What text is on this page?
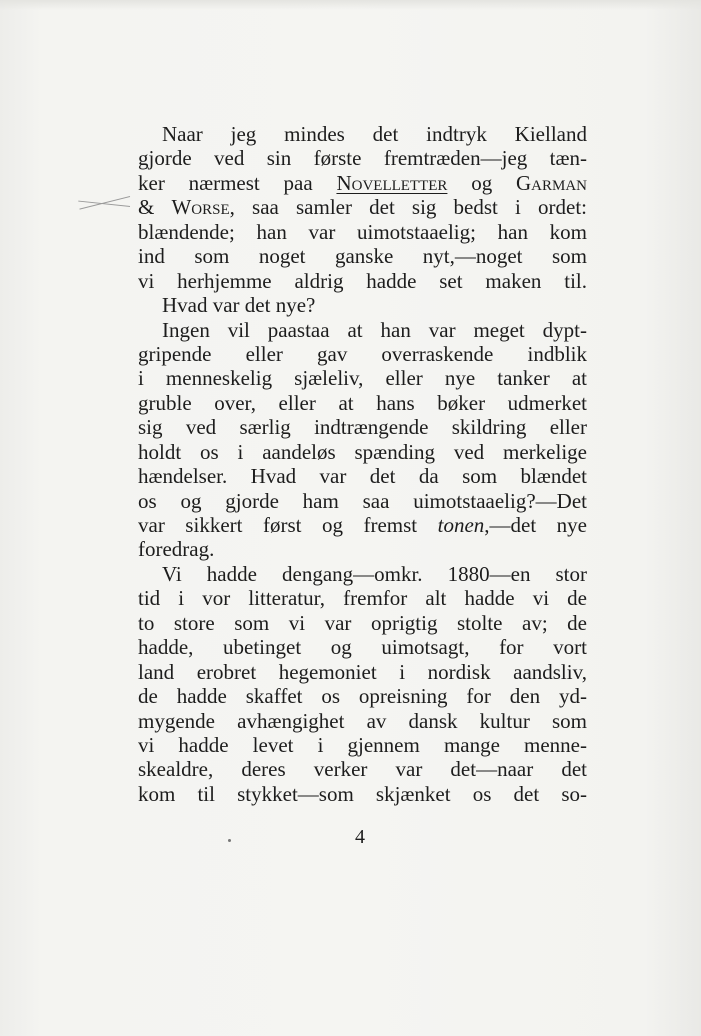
Naar jeg mindes det indtryk Kielland
gjorde ved sin første fremtræden—jeg tæn-
ker nærmest paa Novelletter og Garman
& Worse, saa samler det sig bedst i ordet:
blændende; han var uimotstaaelig; han kom
ind som noget ganske nyt,—noget som
vi herhjemme aldrig hadde set maken til.
Hvad var det nye?
Ingen vil paastaa at han var meget dypt-
gripende eller gav overraskende indblik
i menneskelig sjæleliv, eller nye tanker at
gruble over, eller at hans bøker udmerket
sig ved særlig indtrængende skildring eller
holdt os i aandeløs spænding ved merkelige
hændelser. Hvad var det da som blændet
os og gjorde ham saa uimotstaaelig?—Det
var sikkert først og fremst tonen,—det nye
foredrag.
Vi hadde dengang—omkr. 1880—en stor
tid i vor litteratur, fremfor alt hadde vi de
to store som vi var oprigtig stolte av; de
hadde, ubetinget og uimotsagt, for vort
land erobret hegemoniet i nordisk aandsliv,
de hadde skaffet os opreisning for den yd-
mygende avhængighet av dansk kultur som
vi hadde levet i gjennem mange menne-
skealdre, deres verker var det—naar det
kom til stykket—som skjænket os det so-
4
